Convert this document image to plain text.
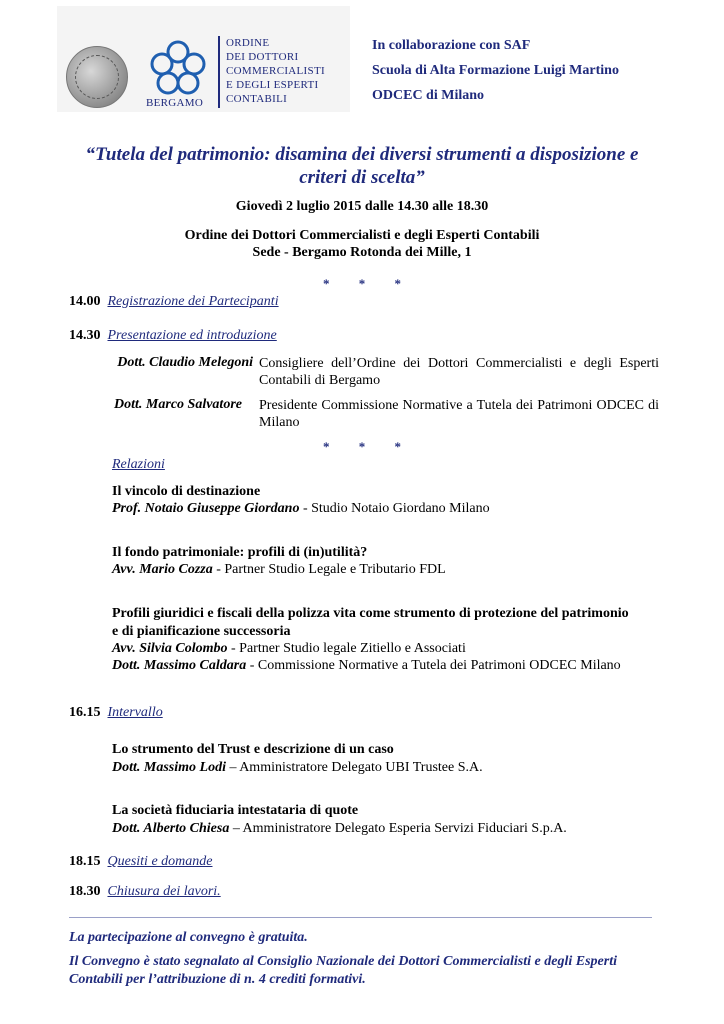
ORDINE
DEI DOTTORI
COMMERCIALISTI
E DEGLI ESPERTI
CONTABILI
BERGAMO
In collaborazione con SAF
Scuola di Alta Formazione Luigi Martino
ODCEC di Milano
“Tutela del patrimonio: disamina dei diversi strumenti a disposizione e criteri di scelta”
Giovedì 2 luglio 2015 dalle 14.30 alle 18.30
Ordine dei Dottori Commercialisti e degli Esperti Contabili
Sede - Bergamo Rotonda dei Mille, 1
* * *
14.00 Registrazione dei Partecipanti
14.30 Presentazione ed introduzione
Dott. Claudio Melegoni Consigliere dell’Ordine dei Dottori Commercialisti e degli Esperti Contabili di Bergamo
Dott. Marco Salvatore Presidente Commissione Normative a Tutela dei Patrimoni ODCEC di Milano
* * *
Relazioni
Il vincolo di destinazione
Prof. Notaio Giuseppe Giordano - Studio Notaio Giordano Milano
Il fondo patrimoniale: profili di (in)utilità?
Avv. Mario Cozza - Partner Studio Legale e Tributario FDL
Profili giuridici e fiscali della polizza vita come strumento di protezione del patrimonio
e di pianificazione successoria
Avv. Silvia Colombo - Partner Studio legale Zitiello e Associati
Dott. Massimo Caldara - Commissione Normative a Tutela dei Patrimoni ODCEC Milano
16.15 Intervallo
Lo strumento del Trust e descrizione di un caso
Dott. Massimo Lodi – Amministratore Delegato UBI Trustee S.A.
La società fiduciaria intestataria di quote
Dott. Alberto Chiesa – Amministratore Delegato Esperia Servizi Fiduciari S.p.A.
18.15 Quesiti e domande
18.30 Chiusura dei lavori.
La partecipazione al convegno è gratuita.
Il Convegno è stato segnalato al Consiglio Nazionale dei Dottori Commercialisti e degli Esperti Contabili per l’attribuzione di n. 4 crediti formativi.
